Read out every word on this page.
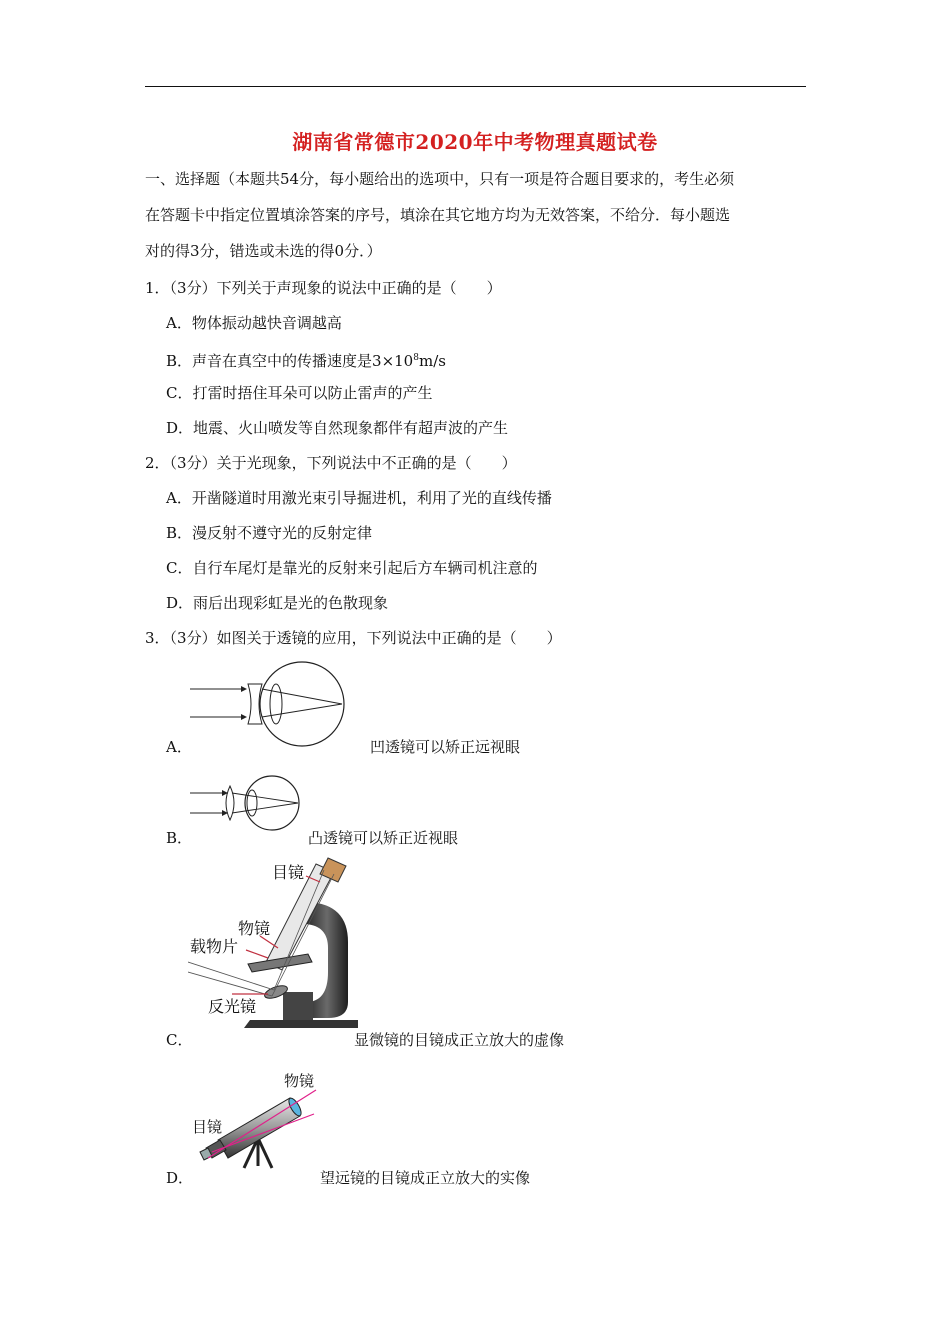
湖南省常德市2020年中考物理真题试卷
一、选择题（本题共54分，每小题给出的选项中，只有一项是符合题目要求的，考生必须
在答题卡中指定位置填涂答案的序号，填涂在其它地方均为无效答案，不给分．每小题选
对的得3分，错选或未选的得0分．）
1．（3分）下列关于声现象的说法中正确的是（　　）
A．物体振动越快音调越高
B．声音在真空中的传播速度是$3\times 10^8m/s$
C．打雷时捂住耳朵可以防止雷声的产生
D．地震、火山喷发等自然现象都伴有超声波的产生
2．（3分）关于光现象，下列说法中不正确的是（　　）
A．开凿隧道时用激光束引导掘进机，利用了光的直线传播
B．漫反射不遵守光的反射定律
C．自行车尾灯是靠光的反射来引起后方车辆司机注意的
D．雨后出现彩虹是光的色散现象
3．（3分）如图关于透镜的应用，下列说法中正确的是（　　）
A．	凹透镜可以矫正远视眼
B．	凸透镜可以矫正近视眼
目镜
物镜
载物片
反光镜
C．	显微镜的目镜成正立放大的虚像
物镜
目镜
D．	望远镜的目镜成正立放大的实像
